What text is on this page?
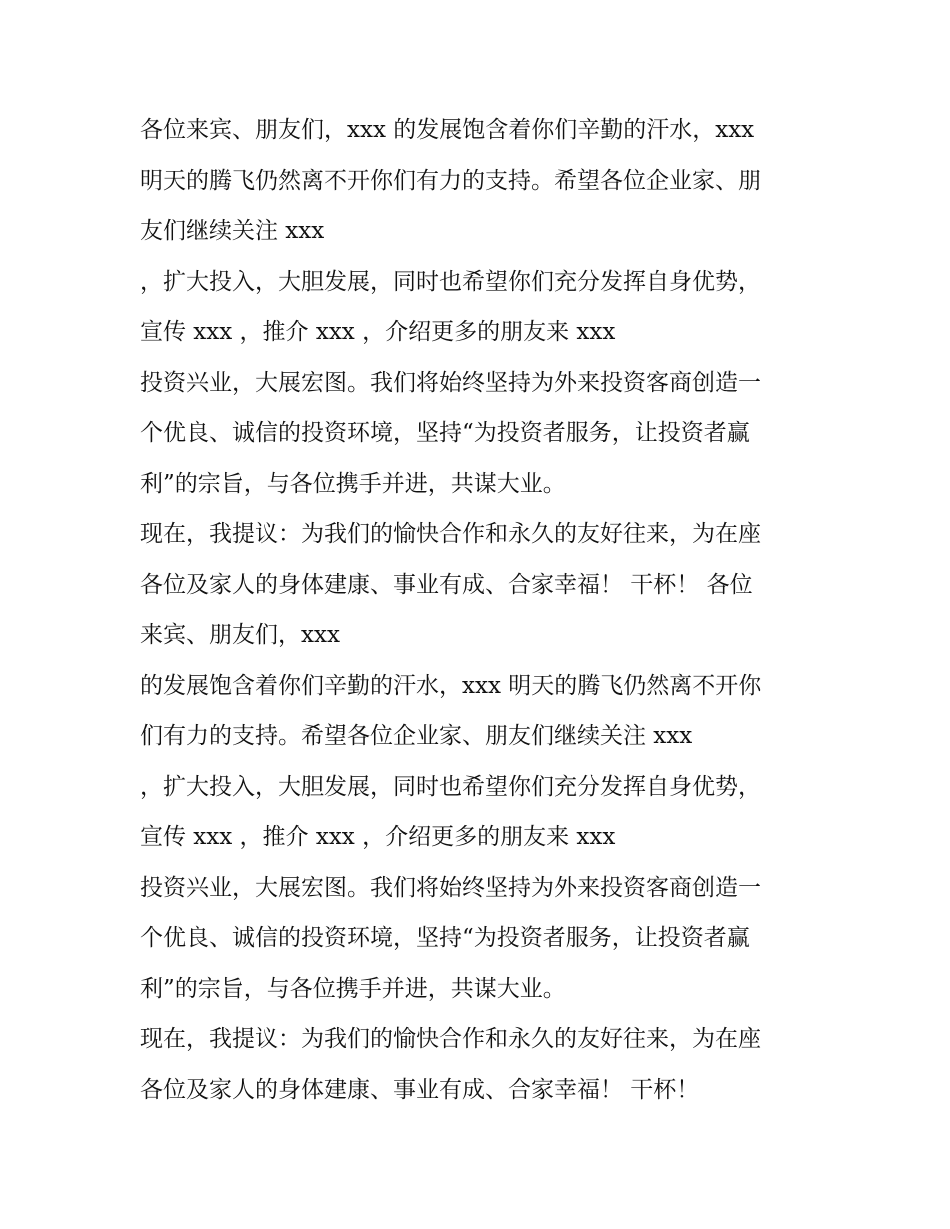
各位来宾、朋友们，xxx 的发展饱含着你们辛勤的汗水，xxx
明天的腾飞仍然离不开你们有力的支持。希望各位企业家、朋
友们继续关注 xxx
，扩大投入，大胆发展，同时也希望你们充分发挥自身优势，
宣传 xxx ，推介 xxx ，介绍更多的朋友来 xxx
投资兴业，大展宏图。我们将始终坚持为外来投资客商创造一
个优良、诚信的投资环境，坚持“为投资者服务，让投资者赢
利”的宗旨，与各位携手并进，共谋大业。
现在，我提议：为我们的愉快合作和永久的友好往来，为在座
各位及家人的身体建康、事业有成、合家幸福！ 干杯！ 各位
来宾、朋友们，xxx
的发展饱含着你们辛勤的汗水，xxx 明天的腾飞仍然离不开你
们有力的支持。希望各位企业家、朋友们继续关注 xxx
，扩大投入，大胆发展，同时也希望你们充分发挥自身优势，
宣传 xxx ，推介 xxx ，介绍更多的朋友来 xxx
投资兴业，大展宏图。我们将始终坚持为外来投资客商创造一
个优良、诚信的投资环境，坚持“为投资者服务，让投资者赢
利”的宗旨，与各位携手并进，共谋大业。
现在，我提议：为我们的愉快合作和永久的友好往来，为在座
各位及家人的身体建康、事业有成、合家幸福！ 干杯！
